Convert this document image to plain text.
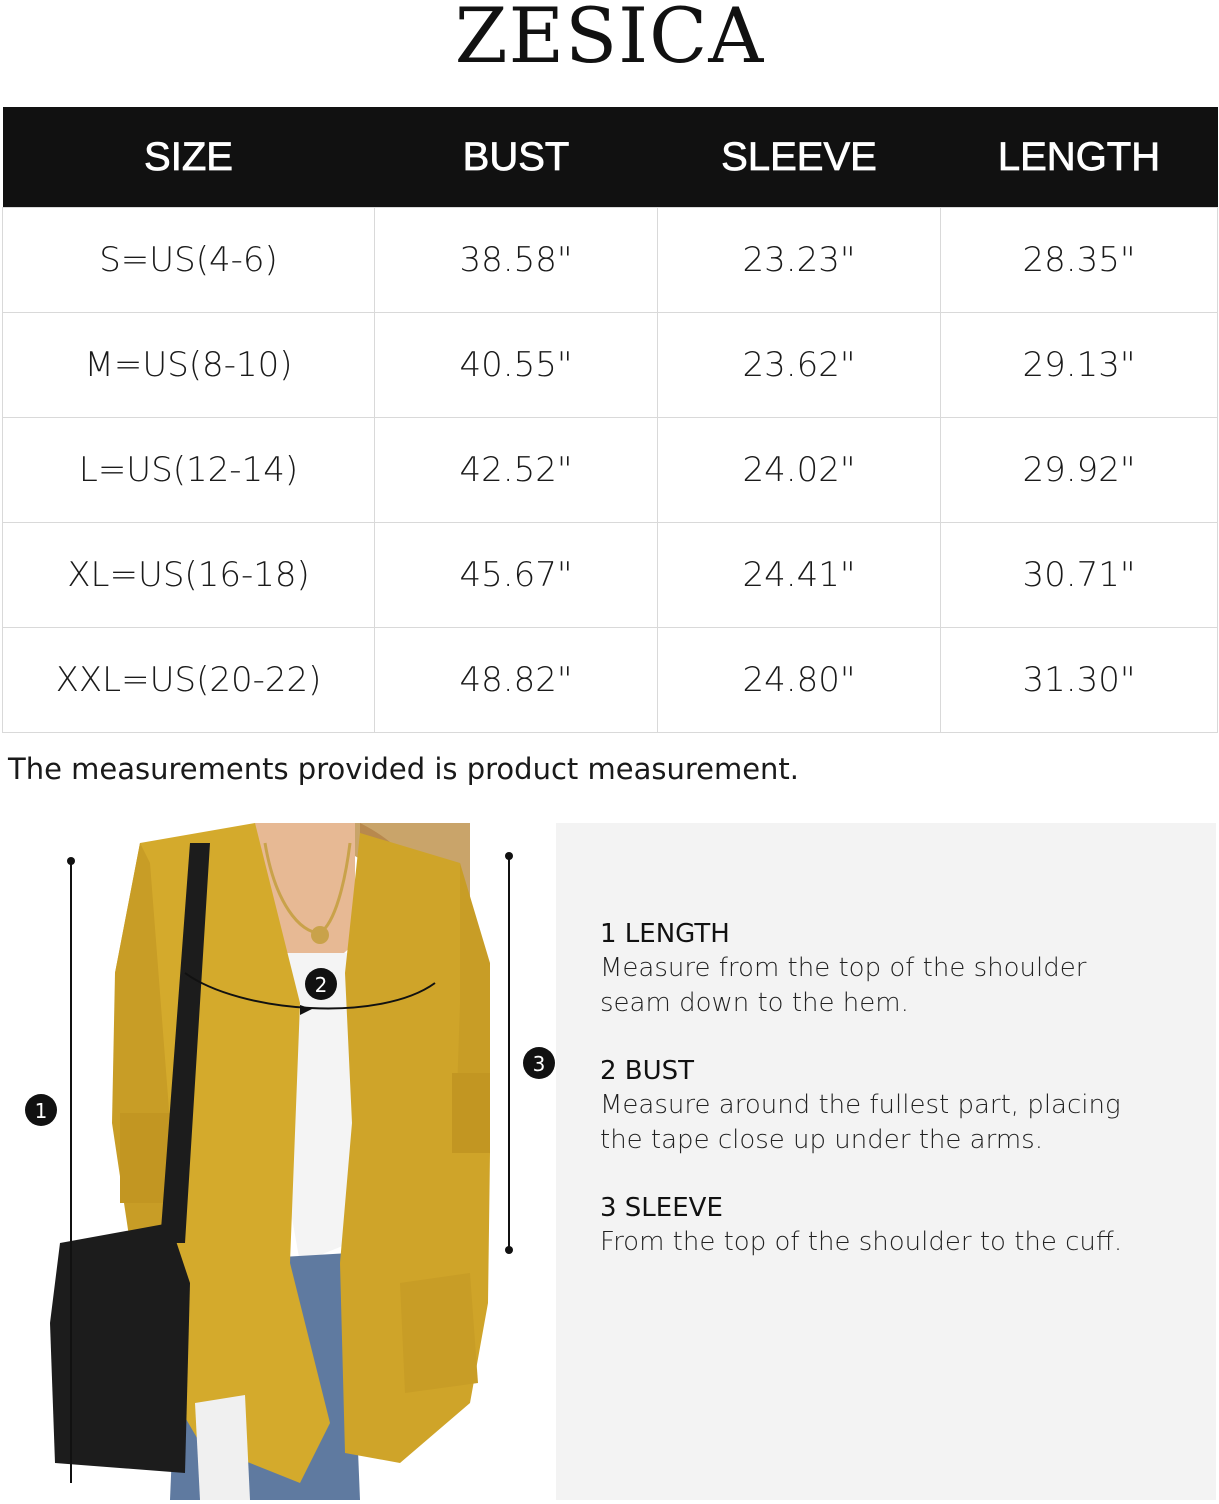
ZESICA
SIZE	BUST	SLEEVE	LENGTH
S=US(4-6)	38.58"	23.23"	28.35"
M=US(8-10)	40.55"	23.62"	29.13"
L=US(12-14)	42.52"	24.02"	29.92"
XL=US(16-18)	45.67"	24.41"	30.71"
XXL=US(20-22)	48.82"	24.80"	31.30"

The measurements provided is product measurement.

1
2
3
1 LENGTH
Measure from the top of the shoulder
seam down to the hem.
2 BUST
Measure around the fullest part, placing
the tape close up under the arms.
3 SLEEVE
From the top of the shoulder to the cuff.
